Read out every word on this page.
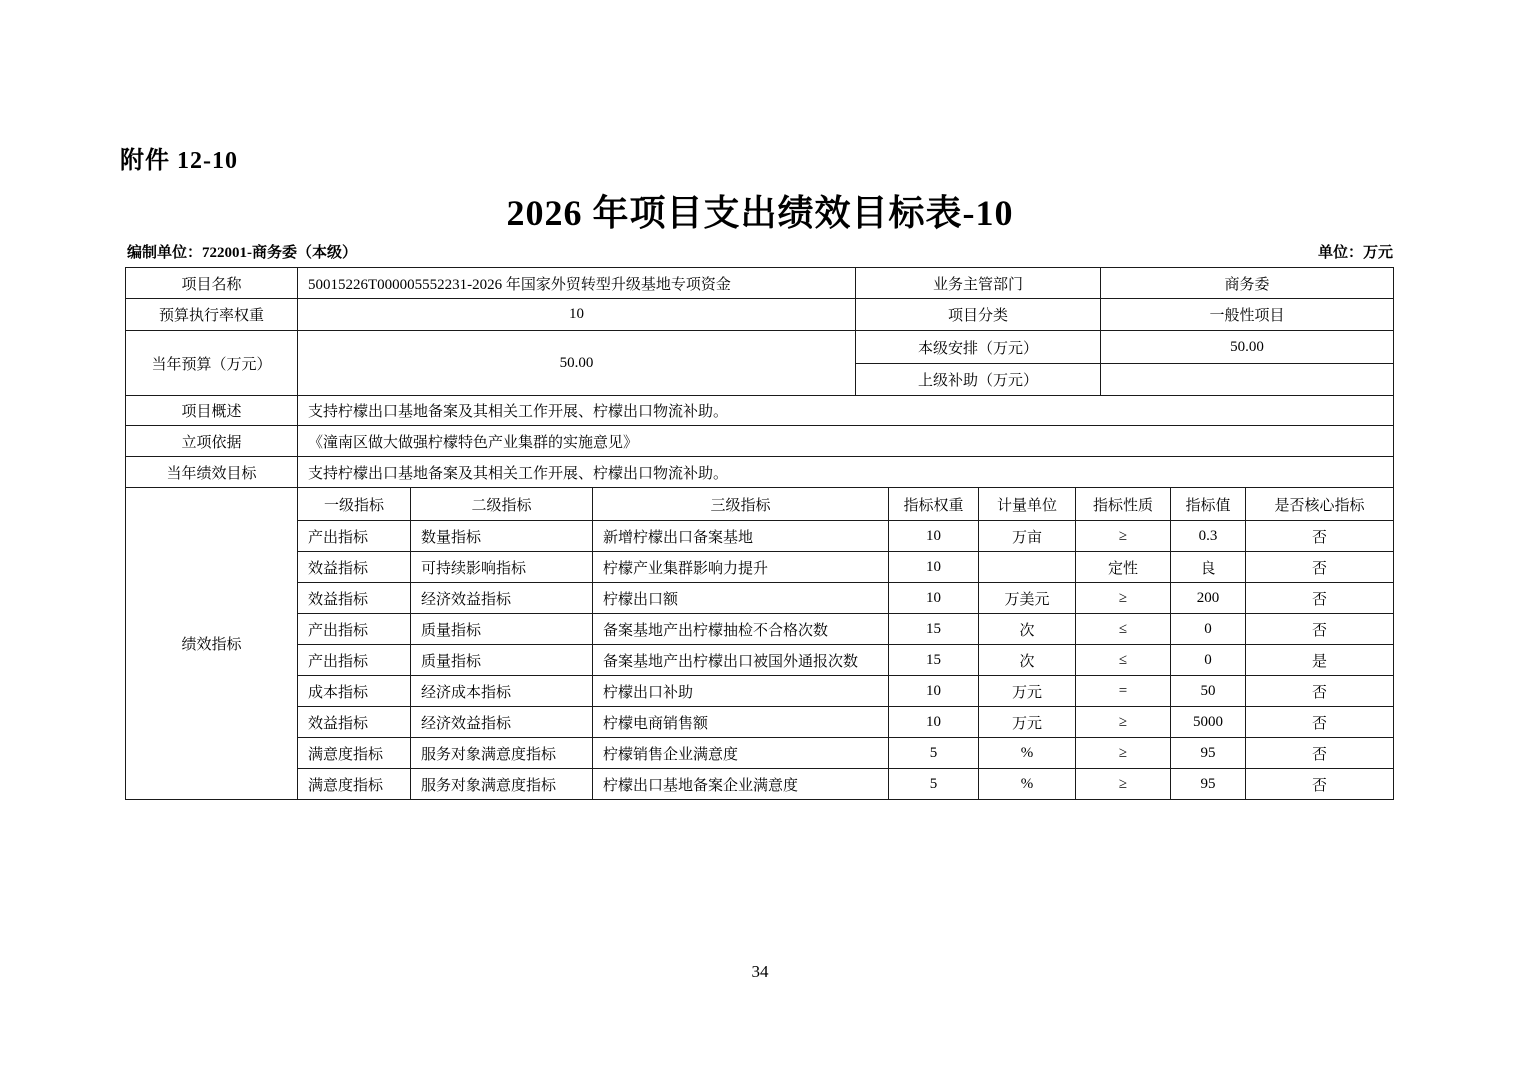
附件 12-10
2026 年项目支出绩效目标表-10
编制单位：722001-商务委（本级）	单位：万元
项目名称	50015226T000005552231-2026 年国家外贸转型升级基地专项资金	业务主管部门	商务委
预算执行率权重	10	项目分类	一般性项目
当年预算（万元）	50.00	本级安排（万元）	50.00
		上级补助（万元）	
项目概述	支持柠檬出口基地备案及其相关工作开展、柠檬出口物流补助。		
立项依据	《潼南区做大做强柠檬特色产业集群的实施意见》		
当年绩效目标	支持柠檬出口基地备案及其相关工作开展、柠檬出口物流补助。		
绩效指标	一级指标	二级指标	三级指标	指标权重	计量单位	指标性质	指标值	是否核心指标
	产出指标	数量指标	新增柠檬出口备案基地	10	万亩	≥	0.3	否
	效益指标	可持续影响指标	柠檬产业集群影响力提升	10		定性	良	否
	效益指标	经济效益指标	柠檬出口额	10	万美元	≥	200	否
	产出指标	质量指标	备案基地产出柠檬抽检不合格次数	15	次	≤	0	否
	产出指标	质量指标	备案基地产出柠檬出口被国外通报次数	15	次	≤	0	是
	成本指标	经济成本指标	柠檬出口补助	10	万元	=	50	否
	效益指标	经济效益指标	柠檬电商销售额	10	万元	≥	5000	否
	满意度指标	服务对象满意度指标	柠檬销售企业满意度	5	%	≥	95	否
	满意度指标	服务对象满意度指标	柠檬出口基地备案企业满意度	5	%	≥	95	否
34
